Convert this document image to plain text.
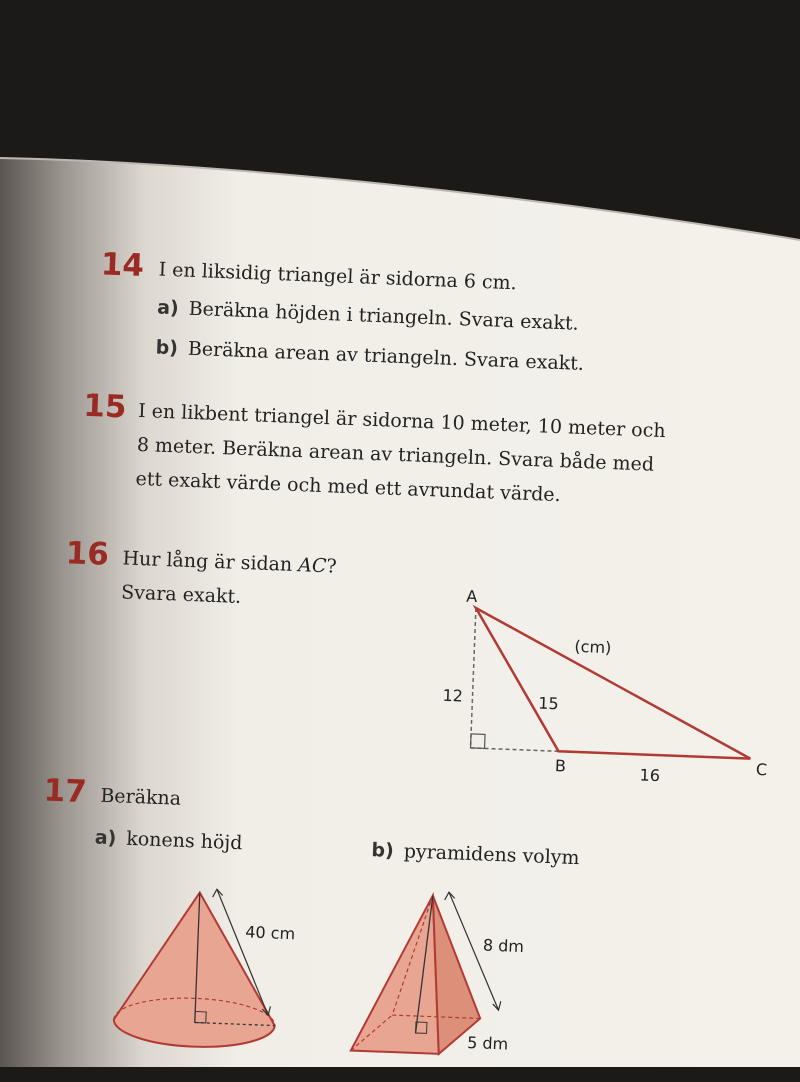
14 I en liksidig triangel är sidorna 6 cm.
a) Beräkna höjden i triangeln. Svara exakt.
b) Beräkna arean av triangeln. Svara exakt.
15 I en likbent triangel är sidorna 10 meter, 10 meter och
8 meter. Beräkna arean av triangeln. Svara både med
ett exakt värde och med ett avrundat värde.
16 Hur lång är sidan AC?
Svara exakt.	A
B	C
(cm)
12	15
16
17 Beräkna
a) konens höjd	b) pyramidens volym
40 cm
8 dm
5 dm
